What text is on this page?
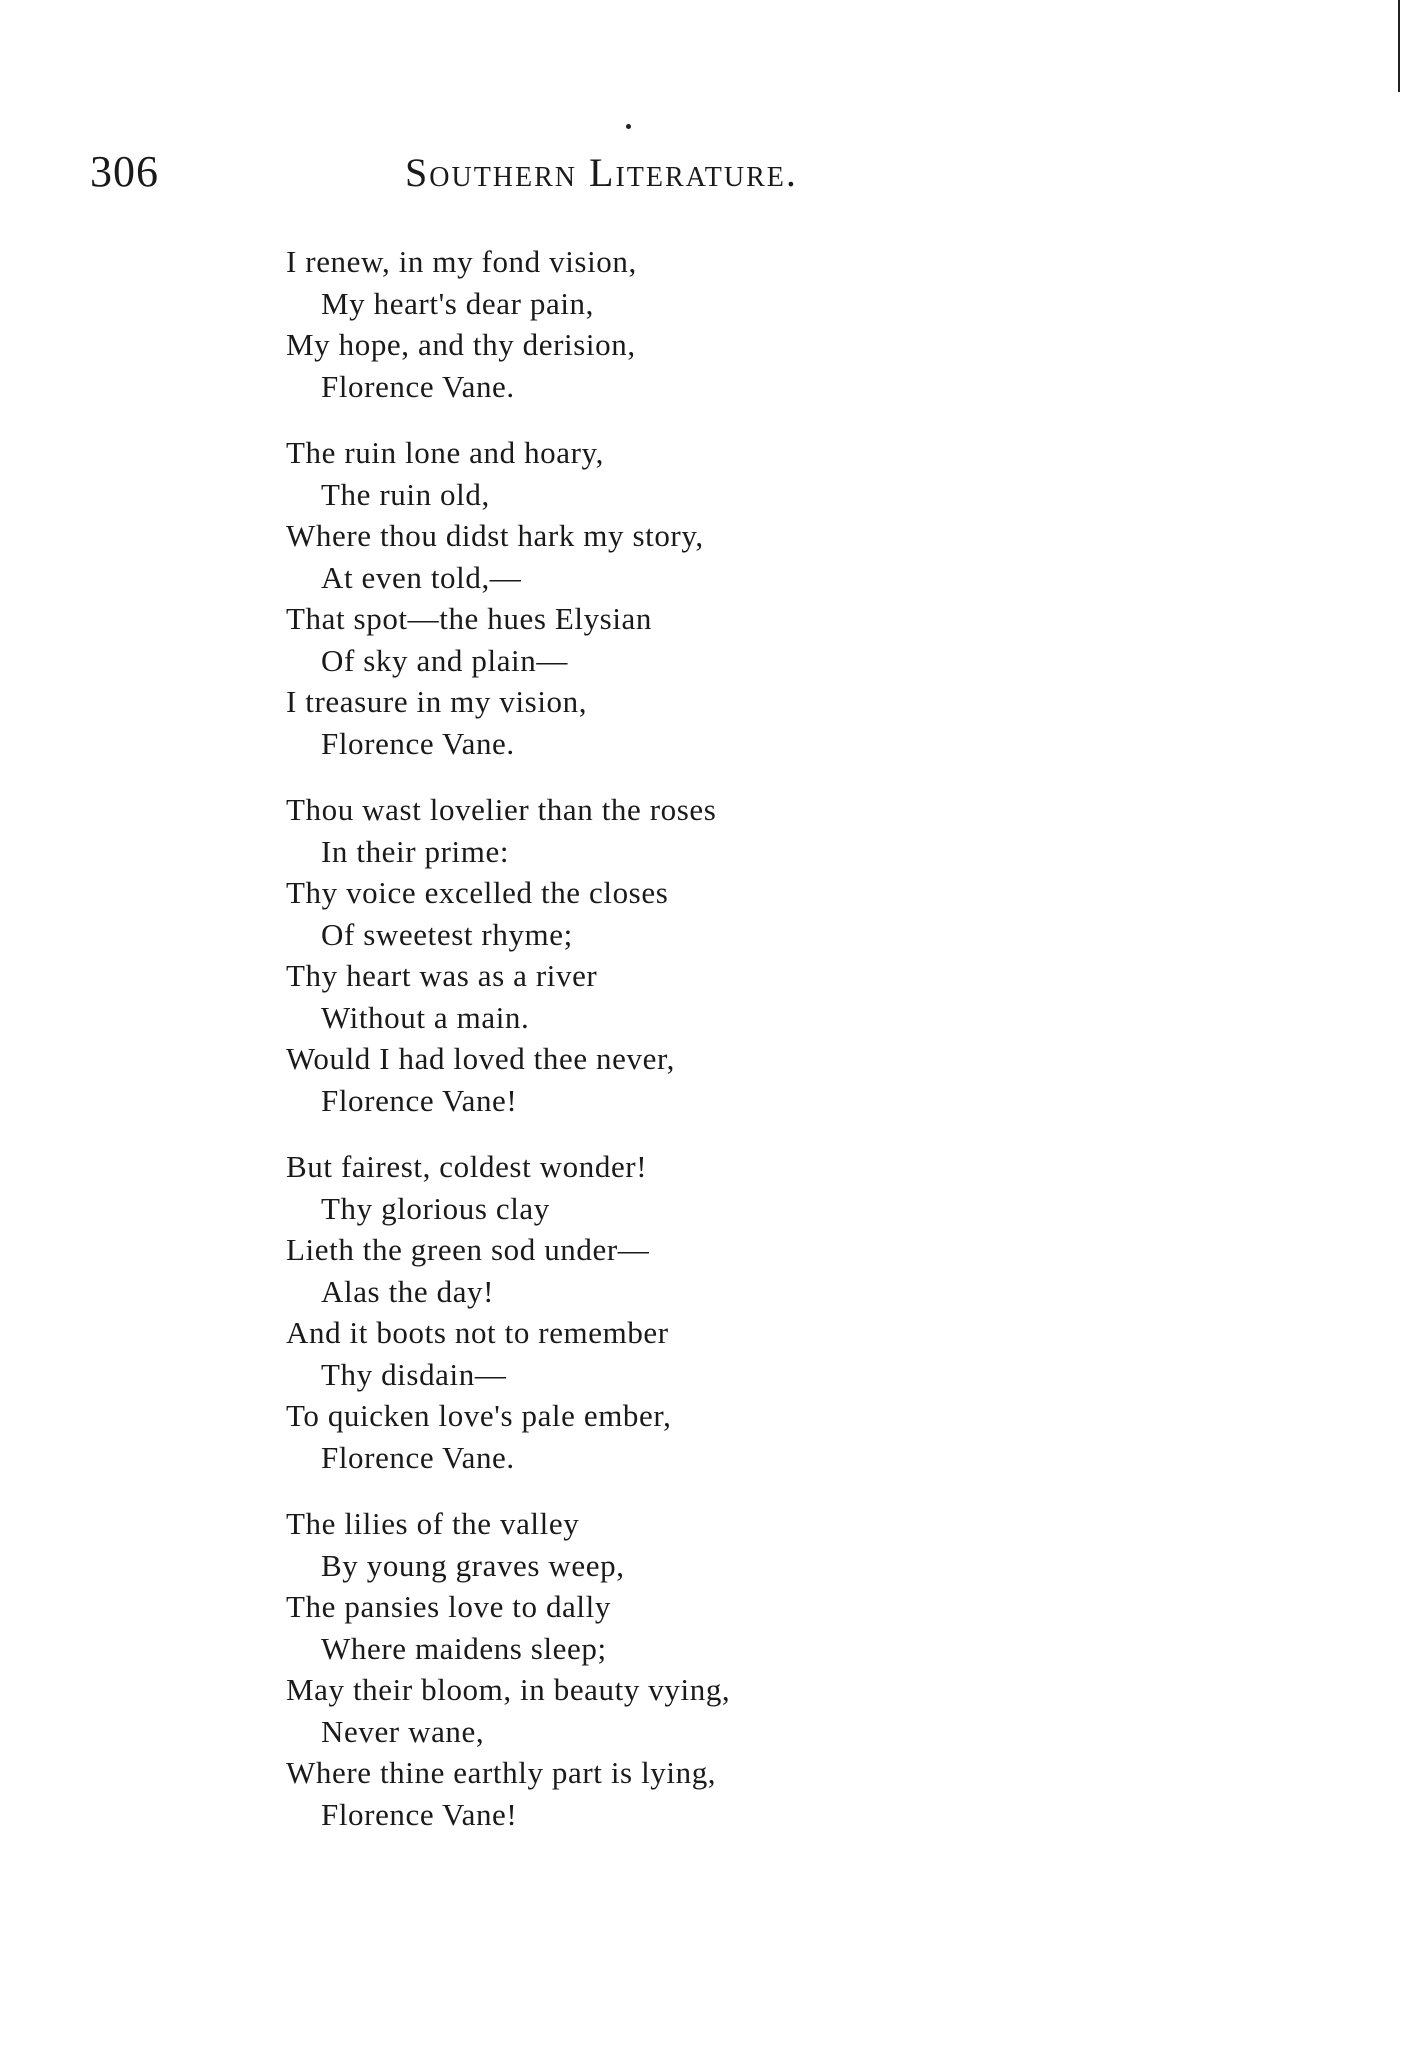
306	Southern Literature.
I renew, in my fond vision,
My heart's dear pain,
My hope, and thy derision,
Florence Vane.
The ruin lone and hoary,
The ruin old,
Where thou didst hark my story,
At even told,—
That spot—the hues Elysian
Of sky and plain—
I treasure in my vision,
Florence Vane.
Thou wast lovelier than the roses
In their prime:
Thy voice excelled the closes
Of sweetest rhyme;
Thy heart was as a river
Without a main.
Would I had loved thee never,
Florence Vane!
But fairest, coldest wonder!
Thy glorious clay
Lieth the green sod under—
Alas the day!
And it boots not to remember
Thy disdain—
To quicken love's pale ember,
Florence Vane.
The lilies of the valley
By young graves weep,
The pansies love to dally
Where maidens sleep;
May their bloom, in beauty vying,
Never wane,
Where thine earthly part is lying,
Florence Vane!
